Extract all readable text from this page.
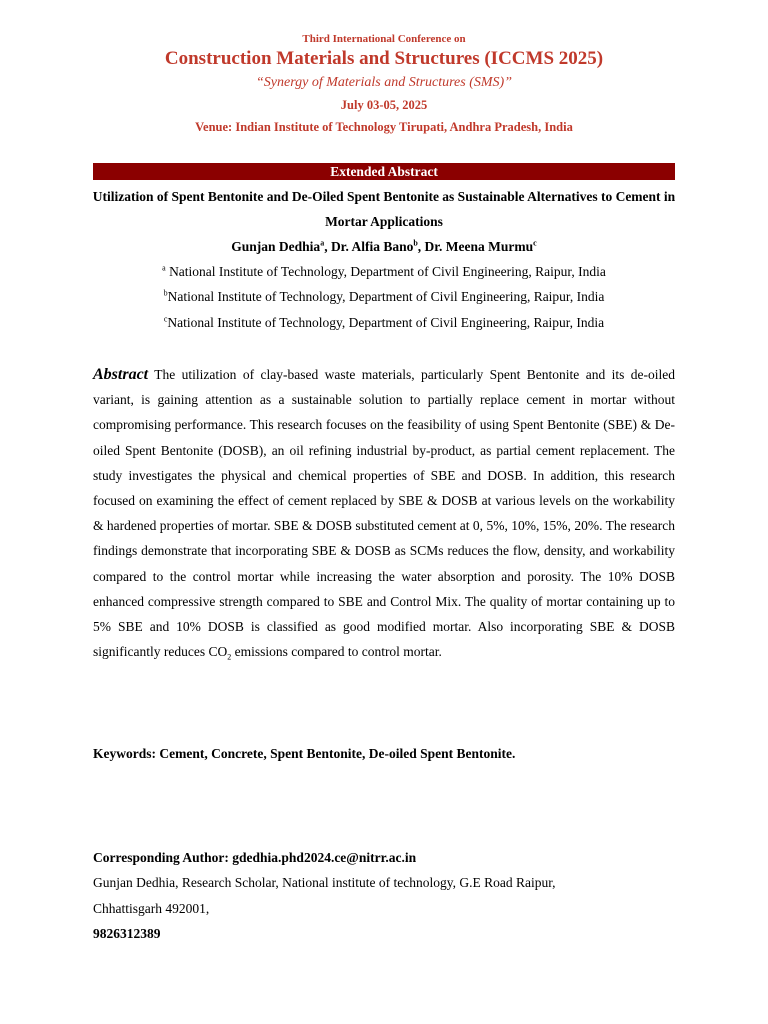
Third International Conference on
Construction Materials and Structures (ICCMS 2025)
“Synergy of Materials and Structures (SMS)”
July 03-05, 2025
Venue: Indian Institute of Technology Tirupati, Andhra Pradesh, India
Extended Abstract
Utilization of Spent Bentonite and De-Oiled Spent Bentonite as Sustainable Alternatives to Cement in Mortar Applications
Gunjan Dedhia$^a$, Dr. Alfia Bano$^b$, Dr. Meena Murmu$^c$
$^a$ National Institute of Technology, Department of Civil Engineering, Raipur, India
$^b$National Institute of Technology, Department of Civil Engineering, Raipur, India
$^c$National Institute of Technology, Department of Civil Engineering, Raipur, India
Abstract The utilization of clay-based waste materials, particularly Spent Bentonite and its de-oiled variant, is gaining attention as a sustainable solution to partially replace cement in mortar without compromising performance. This research focuses on the feasibility of using Spent Bentonite (SBE) & De-oiled Spent Bentonite (DOSB), an oil refining industrial by-product, as partial cement replacement. The study investigates the physical and chemical properties of SBE and DOSB. In addition, this research focused on examining the effect of cement replaced by SBE & DOSB at various levels on the workability & hardened properties of mortar. SBE & DOSB substituted cement at 0, 5%, 10%, 15%, 20%. The research findings demonstrate that incorporating SBE & DOSB as SCMs reduces the flow, density, and workability compared to the control mortar while increasing the water absorption and porosity. The 10% DOSB enhanced compressive strength compared to SBE and Control Mix. The quality of mortar containing up to 5% SBE and 10% DOSB is classified as good modified mortar. Also incorporating SBE & DOSB significantly reduces $CO_2$ emissions compared to control mortar.
Keywords: Cement, Concrete, Spent Bentonite, De-oiled Spent Bentonite.
Corresponding Author: gdedhia.phd2024.ce@nitrr.ac.in
Gunjan Dedhia, Research Scholar, National institute of technology, G.E Road Raipur,
Chhattisgarh 492001,
9826312389
